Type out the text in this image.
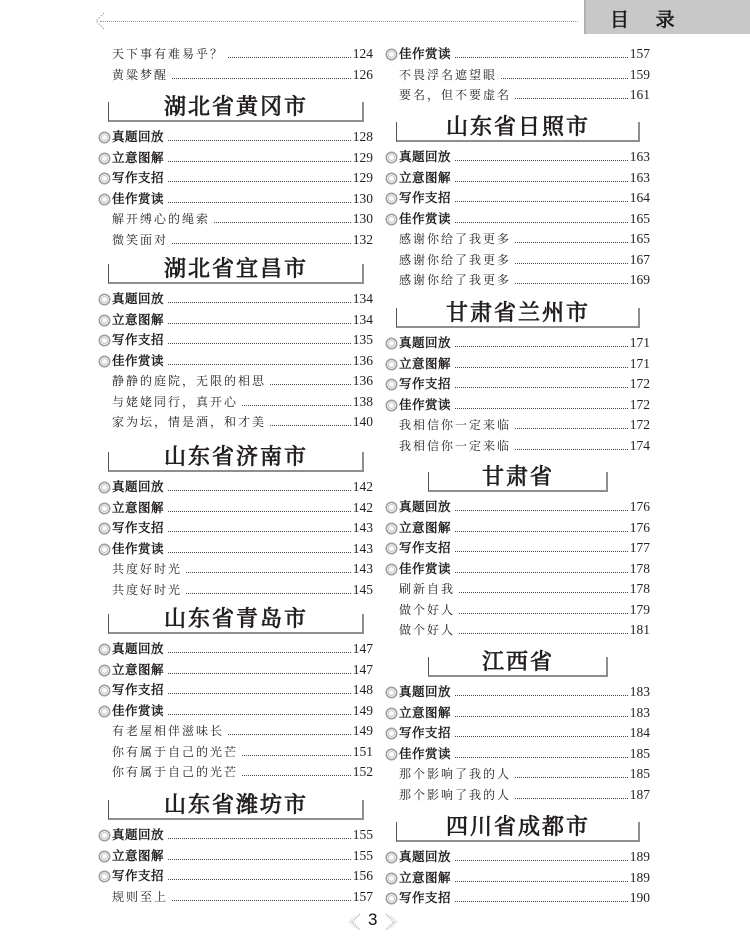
目 录
天下事有难易乎？	124
黄粱梦醒	126
湖北省黄冈市
真题回放	128
立意图解	129
写作支招	129
佳作赏读	130
解开缚心的绳索	130
微笑面对	132
湖北省宜昌市
真题回放	134
立意图解	134
写作支招	135
佳作赏读	136
静静的庭院，无限的相思	136
与姥姥同行，真开心	138
家为坛，情是酒，和才美	140
山东省济南市
真题回放	142
立意图解	142
写作支招	143
佳作赏读	143
共度好时光	143
共度好时光	145
山东省青岛市
真题回放	147
立意图解	147
写作支招	148
佳作赏读	149
有老屋相伴滋味长	149
你有属于自己的光芒	151
你有属于自己的光芒	152
山东省潍坊市
真题回放	155
立意图解	155
写作支招	156
规则至上	157
佳作赏读	157
不畏浮名遮望眼	159
要名，但不要虚名	161
山东省日照市
真题回放	163
立意图解	163
写作支招	164
佳作赏读	165
感谢你给了我更多	165
感谢你给了我更多	167
感谢你给了我更多	169
甘肃省兰州市
真题回放	171
立意图解	171
写作支招	172
佳作赏读	172
我相信你一定来临	172
我相信你一定来临	174
甘肃省
真题回放	176
立意图解	176
写作支招	177
佳作赏读	178
刷新自我	178
做个好人	179
做个好人	181
江西省
真题回放	183
立意图解	183
写作支招	184
佳作赏读	185
那个影响了我的人	185
那个影响了我的人	187
四川省成都市
真题回放	189
立意图解	189
写作支招	190
3
